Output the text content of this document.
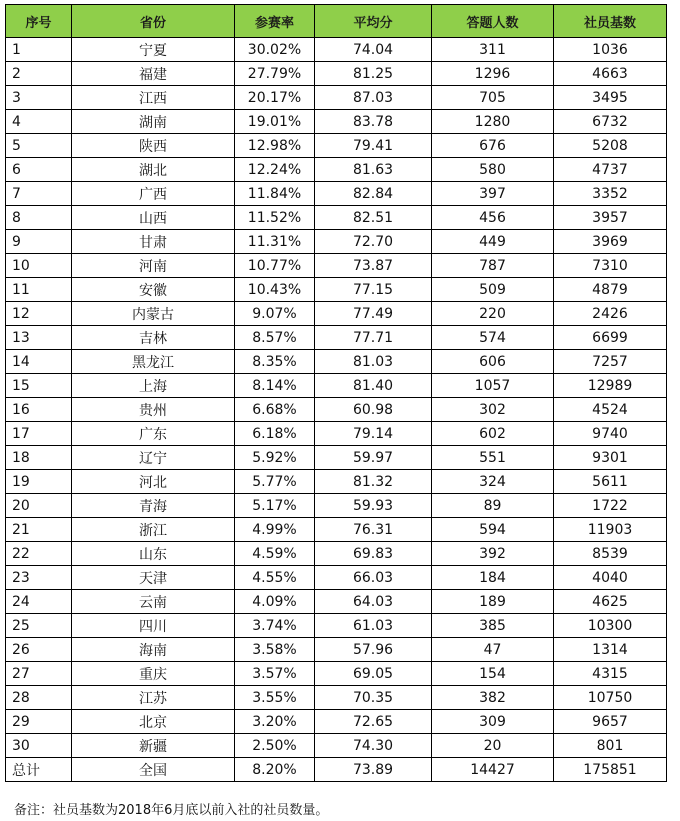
序号	省份	参赛率	平均分	答题人数	社员基数
1	宁夏	30.02%	74.04	311	1036
2	福建	27.79%	81.25	1296	4663
3	江西	20.17%	87.03	705	3495
4	湖南	19.01%	83.78	1280	6732
5	陕西	12.98%	79.41	676	5208
6	湖北	12.24%	81.63	580	4737
7	广西	11.84%	82.84	397	3352
8	山西	11.52%	82.51	456	3957
9	甘肃	11.31%	72.70	449	3969
10	河南	10.77%	73.87	787	7310
11	安徽	10.43%	77.15	509	4879
12	内蒙古	9.07%	77.49	220	2426
13	吉林	8.57%	77.71	574	6699
14	黑龙江	8.35%	81.03	606	7257
15	上海	8.14%	81.40	1057	12989
16	贵州	6.68%	60.98	302	4524
17	广东	6.18%	79.14	602	9740
18	辽宁	5.92%	59.97	551	9301
19	河北	5.77%	81.32	324	5611
20	青海	5.17%	59.93	89	1722
21	浙江	4.99%	76.31	594	11903
22	山东	4.59%	69.83	392	8539
23	天津	4.55%	66.03	184	4040
24	云南	4.09%	64.03	189	4625
25	四川	3.74%	61.03	385	10300
26	海南	3.58%	57.96	47	1314
27	重庆	3.57%	69.05	154	4315
28	江苏	3.55%	70.35	382	10750
29	北京	3.20%	72.65	309	9657
30	新疆	2.50%	74.30	20	801
总计	全国	8.20%	73.89	14427	175851
备注：社员基数为2018年6月底以前入社的社员数量。
